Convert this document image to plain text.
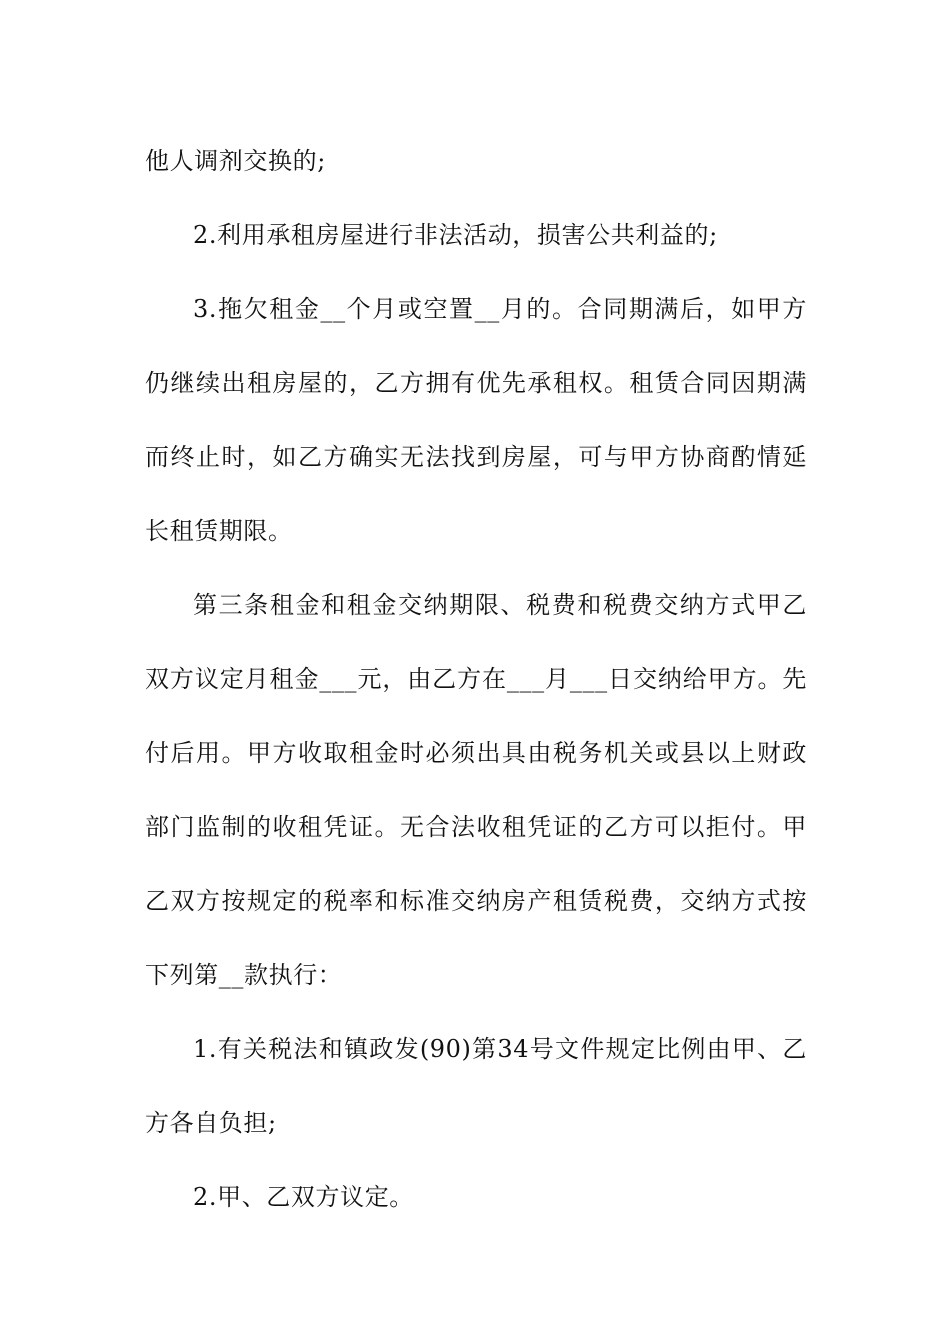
他人调剂交换的;

2.利用承租房屋进行非法活动，损害公共利益的;

3.拖欠租金__个月或空置__月的。合同期满后，如甲方仍继续出租房屋的，乙方拥有优先承租权。租赁合同因期满而终止时，如乙方确实无法找到房屋，可与甲方协商酌情延长租赁期限。

第三条租金和租金交纳期限、税费和税费交纳方式甲乙双方议定月租金___元，由乙方在___月___日交纳给甲方。先付后用。甲方收取租金时必须出具由税务机关或县以上财政部门监制的收租凭证。无合法收租凭证的乙方可以拒付。甲乙双方按规定的税率和标准交纳房产租赁税费，交纳方式按下列第__款执行：

1.有关税法和镇政发(90)第34号文件规定比例由甲、乙方各自负担;

2.甲、乙双方议定。
